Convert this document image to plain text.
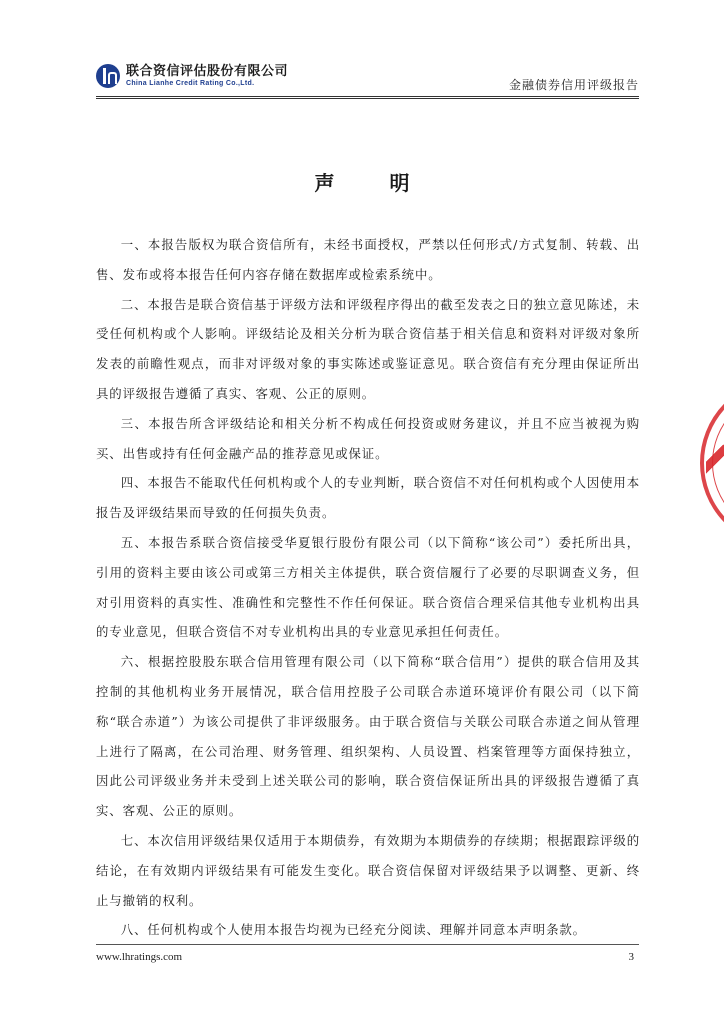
联合资信评估股份有限公司
China Lianhe Credit Rating Co.,Ltd.	金融债券信用评级报告
声 明

一、本报告版权为联合资信所有，未经书面授权，严禁以任何形式/方式复制、转载、出售、发布或将本报告任何内容存储在数据库或检索系统中。

二、本报告是联合资信基于评级方法和评级程序得出的截至发表之日的独立意见陈述，未受任何机构或个人影响。评级结论及相关分析为联合资信基于相关信息和资料对评级对象所发表的前瞻性观点，而非对评级对象的事实陈述或鉴证意见。联合资信有充分理由保证所出具的评级报告遵循了真实、客观、公正的原则。

三、本报告所含评级结论和相关分析不构成任何投资或财务建议，并且不应当被视为购买、出售或持有任何金融产品的推荐意见或保证。

四、本报告不能取代任何机构或个人的专业判断，联合资信不对任何机构或个人因使用本报告及评级结果而导致的任何损失负责。

五、本报告系联合资信接受华夏银行股份有限公司（以下简称“该公司”）委托所出具，引用的资料主要由该公司或第三方相关主体提供，联合资信履行了必要的尽职调查义务，但对引用资料的真实性、准确性和完整性不作任何保证。联合资信合理采信其他专业机构出具的专业意见，但联合资信不对专业机构出具的专业意见承担任何责任。

六、根据控股股东联合信用管理有限公司（以下简称“联合信用”）提供的联合信用及其控制的其他机构业务开展情况，联合信用控股子公司联合赤道环境评价有限公司（以下简称“联合赤道”）为该公司提供了非评级服务。由于联合资信与关联公司联合赤道之间从管理上进行了隔离，在公司治理、财务管理、组织架构、人员设置、档案管理等方面保持独立，因此公司评级业务并未受到上述关联公司的影响，联合资信保证所出具的评级报告遵循了真实、客观、公正的原则。

七、本次信用评级结果仅适用于本期债券，有效期为本期债券的存续期；根据跟踪评级的结论，在有效期内评级结果有可能发生变化。联合资信保留对评级结果予以调整、更新、终止与撤销的权利。

八、任何机构或个人使用本报告均视为已经充分阅读、理解并同意本声明条款。

www.lhratings.com	3
